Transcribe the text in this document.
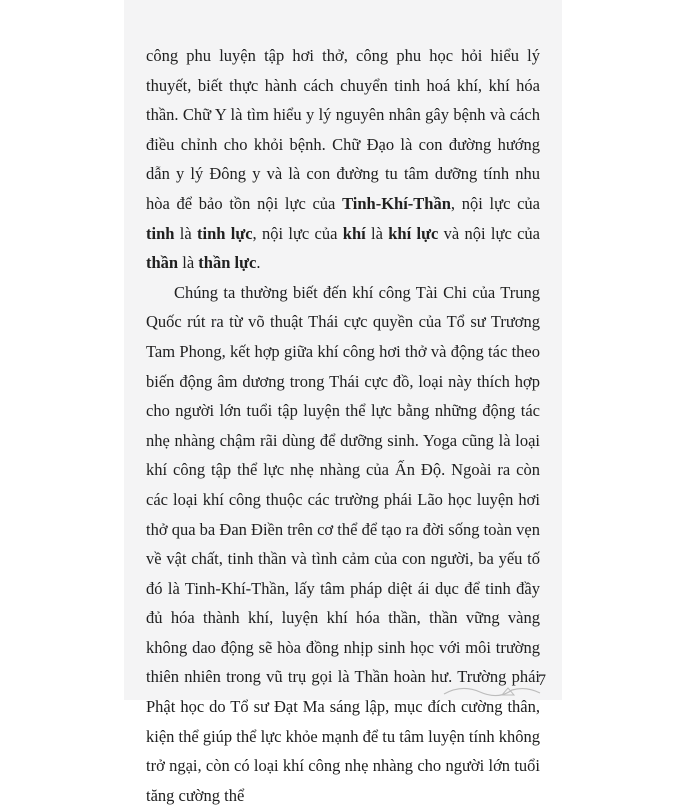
công phu luyện tập hơi thở, công phu học hỏi hiểu lý thuyết, biết thực hành cách chuyển tinh hoá khí, khí hóa thần. Chữ Y là tìm hiểu y lý nguyên nhân gây bệnh và cách điều chỉnh cho khỏi bệnh. Chữ Đạo là con đường hướng dẫn y lý Đông y và là con đường tu tâm dưỡng tính nhu hòa để bảo tồn nội lực của Tinh-Khí-Thần, nội lực của tinh là tinh lực, nội lực của khí là khí lực và nội lực của thần là thần lực.

Chúng ta thường biết đến khí công Tài Chi của Trung Quốc rút ra từ võ thuật Thái cực quyền của Tổ sư Trương Tam Phong, kết hợp giữa khí công hơi thở và động tác theo biến động âm dương trong Thái cực đồ, loại này thích hợp cho người lớn tuổi tập luyện thể lực bằng những động tác nhẹ nhàng chậm rãi dùng để dưỡng sinh. Yoga cũng là loại khí công tập thể lực nhẹ nhàng của Ấn Độ. Ngoài ra còn các loại khí công thuộc các trường phái Lão học luyện hơi thở qua ba Đan Điền trên cơ thể để tạo ra đời sống toàn vẹn về vật chất, tinh thần và tình cảm của con người, ba yếu tố đó là Tinh-Khí-Thần, lấy tâm pháp diệt ái dục để tinh đầy đủ hóa thành khí, luyện khí hóa thần, thần vững vàng không dao động sẽ hòa đồng nhịp sinh học với môi trường thiên nhiên trong vũ trụ gọi là Thần hoàn hư. Trường phái Phật học do Tổ sư Đạt Ma sáng lập, mục đích cường thân, kiện thể giúp thể lực khỏe mạnh để tu tâm luyện tính không trở ngại, còn có loại khí công nhẹ nhàng cho người lớn tuổi tăng cường thể

7
